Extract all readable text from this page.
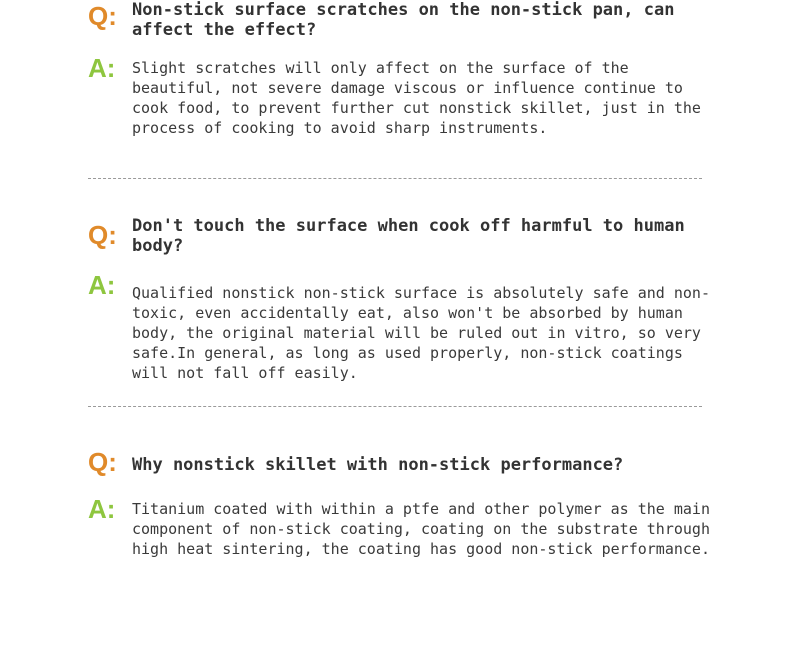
Q: Non-stick surface scratches on the non-stick pan, can affect the effect?
A: Slight scratches will only affect on the surface of the beautiful, not severe damage viscous or influence continue to cook food, to prevent further cut nonstick skillet, just in the process of cooking to avoid sharp instruments.
Q: Don't touch the surface when cook off harmful to human body?
A: Qualified nonstick non-stick surface is absolutely safe and non-toxic, even accidentally eat, also won't be absorbed by human body, the original material will be ruled out in vitro, so very safe.In general, as long as used properly, non-stick coatings will not fall off easily.
Q: Why nonstick skillet with non-stick performance?
A: Titanium coated with within a ptfe and other polymer as the main component of non-stick coating, coating on the substrate through high heat sintering, the coating has good non-stick performance.
